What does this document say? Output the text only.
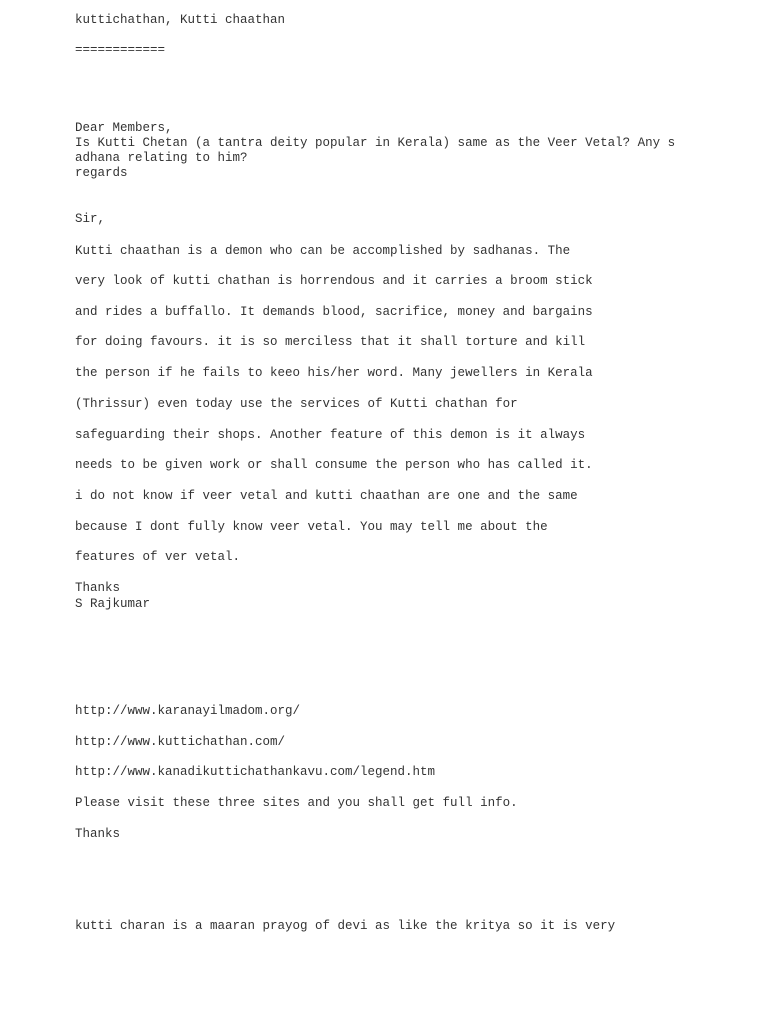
kuttichathan, Kutti chaathan

============

Dear Members,

Is Kutti Chetan (a tantra deity popular in Kerala) same as the Veer Vetal? Any s

adhana relating to him?

regards

Sir,

Kutti chaathan is a demon who can be accomplished by sadhanas. The

very look of kutti chathan is horrendous and it carries a broom stick

and rides a buffallo. It demands blood, sacrifice, money and bargains

for doing favours. it is so merciless that it shall torture and kill

the person if he fails to keeo his/her word. Many jewellers in Kerala

(Thrissur) even today use the services of Kutti chathan for

safeguarding their shops. Another feature of this demon is it always

needs to be given work or shall consume the person who has called it.

i do not know if veer vetal and kutti chaathan are one and the same

because I dont fully know veer vetal. You may tell me about the

features of ver vetal.

Thanks

S Rajkumar

http://www.karanayilmadom.org/
http://www.kuttichathan.com/
http://www.kanadikuttichathankavu.com/legend.htm

Please visit these three sites and you shall get full info.

Thanks

kutti charan is a maaran prayog of devi as like the kritya so it is very
